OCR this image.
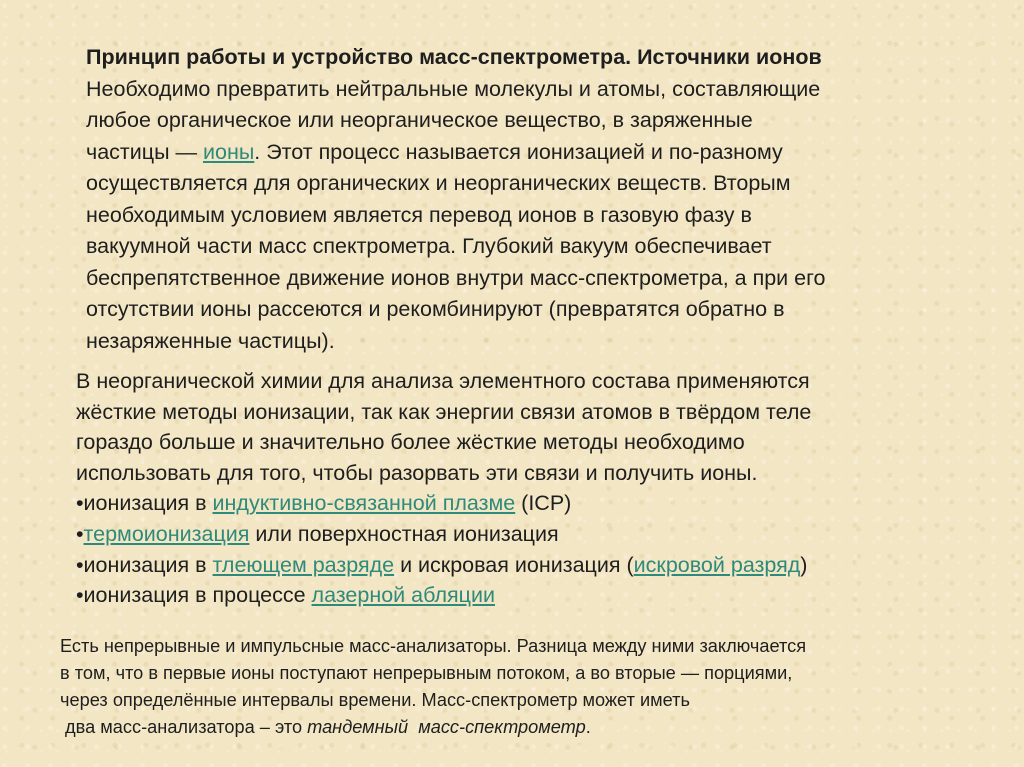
Принцип работы и устройство масс-спектрометра. Источники ионов
Необходимо превратить нейтральные молекулы и атомы, составляющие
любое органическое или неорганическое вещество, в заряженные
частицы — ионы. Этот процесс называется ионизацией и по-разному
осуществляется для органических и неорганических веществ. Вторым
необходимым условием является перевод ионов в газовую фазу в
вакуумной части масс спектрометра. Глубокий вакуум обеспечивает
беспрепятственное движение ионов внутри масс-спектрометра, а при его
отсутствии ионы рассеются и рекомбинируют (превратятся обратно в
незаряженные частицы).
В неорганической химии для анализа элементного состава применяются
жёсткие методы ионизации, так как энергии связи атомов в твёрдом теле
гораздо больше и значительно более жёсткие методы необходимо
использовать для того, чтобы разорвать эти связи и получить ионы.
•ионизация в индуктивно-связанной плазме (ICP)
•термоионизация или поверхностная ионизация
•ионизация в тлеющем разряде и искровая ионизация (искровой разряд)
•ионизация в процессе лазерной абляции
Есть непрерывные и импульсные масс-анализаторы. Разница между ними заключается
в том, что в первые ионы поступают непрерывным потоком, а во вторые — порциями,
через определённые интервалы времени. Масс-спектрометр может иметь
два масс-анализатора – это тандемный  масс-спектрометр.
